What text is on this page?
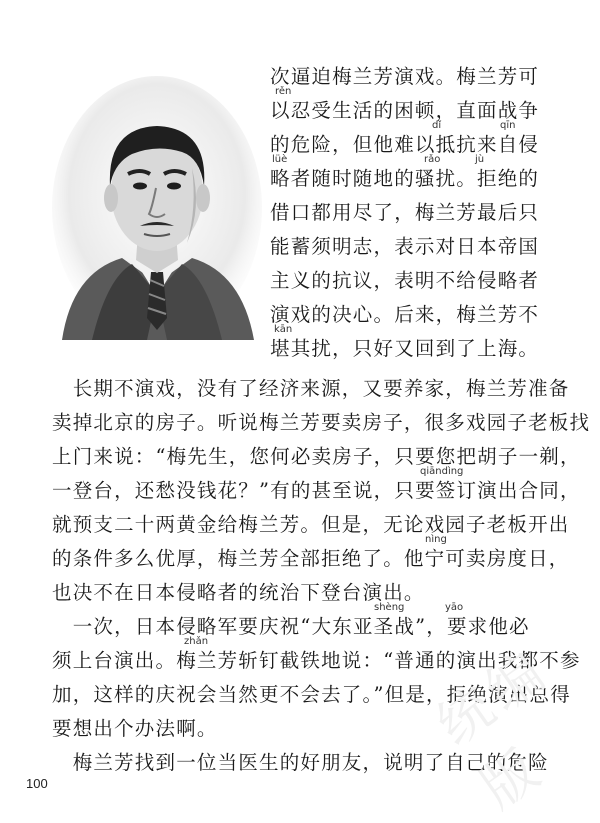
次逼迫梅兰芳演戏。梅兰芳可
以忍受生活的困顿，直面战争
的危险，但他难以抵抗来自侵
略者随时随地的骚扰。拒绝的
借口都用尽了，梅兰芳最后只
能蓄须明志，表示对日本帝国
主义的抗议，表明不给侵略者
演戏的决心。后来，梅兰芳不
堪其扰，只好又回到了上海。
　长期不演戏，没有了经济来源，又要养家，梅兰芳准备
卖掉北京的房子。听说梅兰芳要卖房子，很多戏园子老板找
上门来说：“梅先生，您何必卖房子，只要您把胡子一剃，
一登台，还愁没钱花？”有的甚至说，只要签订演出合同，
就预支二十两黄金给梅兰芳。但是，无论戏园子老板开出
的条件多么优厚，梅兰芳全部拒绝了。他宁可卖房度日，
也决不在日本侵略者的统治下登台演出。
　一次，日本侵略军要庆祝“大东亚圣战”，要求他必
须上台演出。梅兰芳斩钉截铁地说：“普通的演出我都不参
加，这样的庆祝会当然更不会去了。”但是，拒绝演出总得
要想出个办法啊。
　梅兰芳找到一位当医生的好朋友，说明了自己的危险
rěn
dǐ	qīn
lüè	rǎo	jù
kān
qiāndìng
nìng
shèng	yāo
zhǎn	统编版
100
